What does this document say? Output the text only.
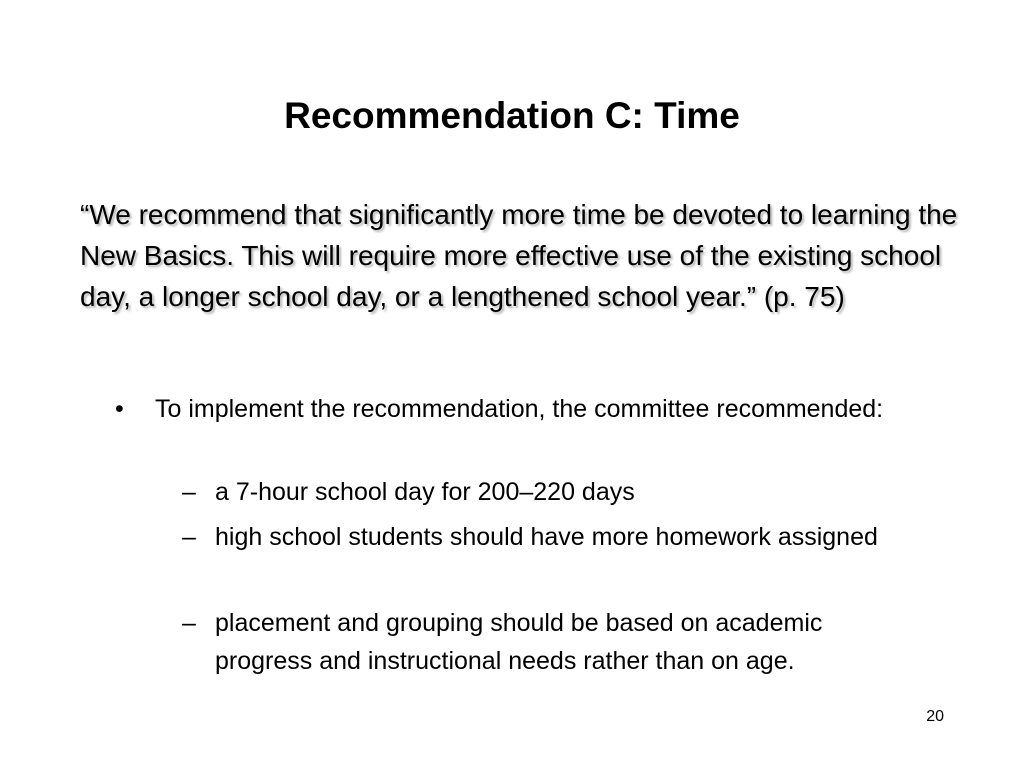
Recommendation C: Time

“We recommend that significantly more time be devoted to learning the New Basics. This will require more effective use of the existing school day, a longer school day, or a lengthened school year.” (p. 75)

• To implement the recommendation, the committee recommended:
– a 7-hour school day for 200–220 days
– high school students should have more homework assigned
– placement and grouping should be based on academic progress and instructional needs rather than on age.
20
